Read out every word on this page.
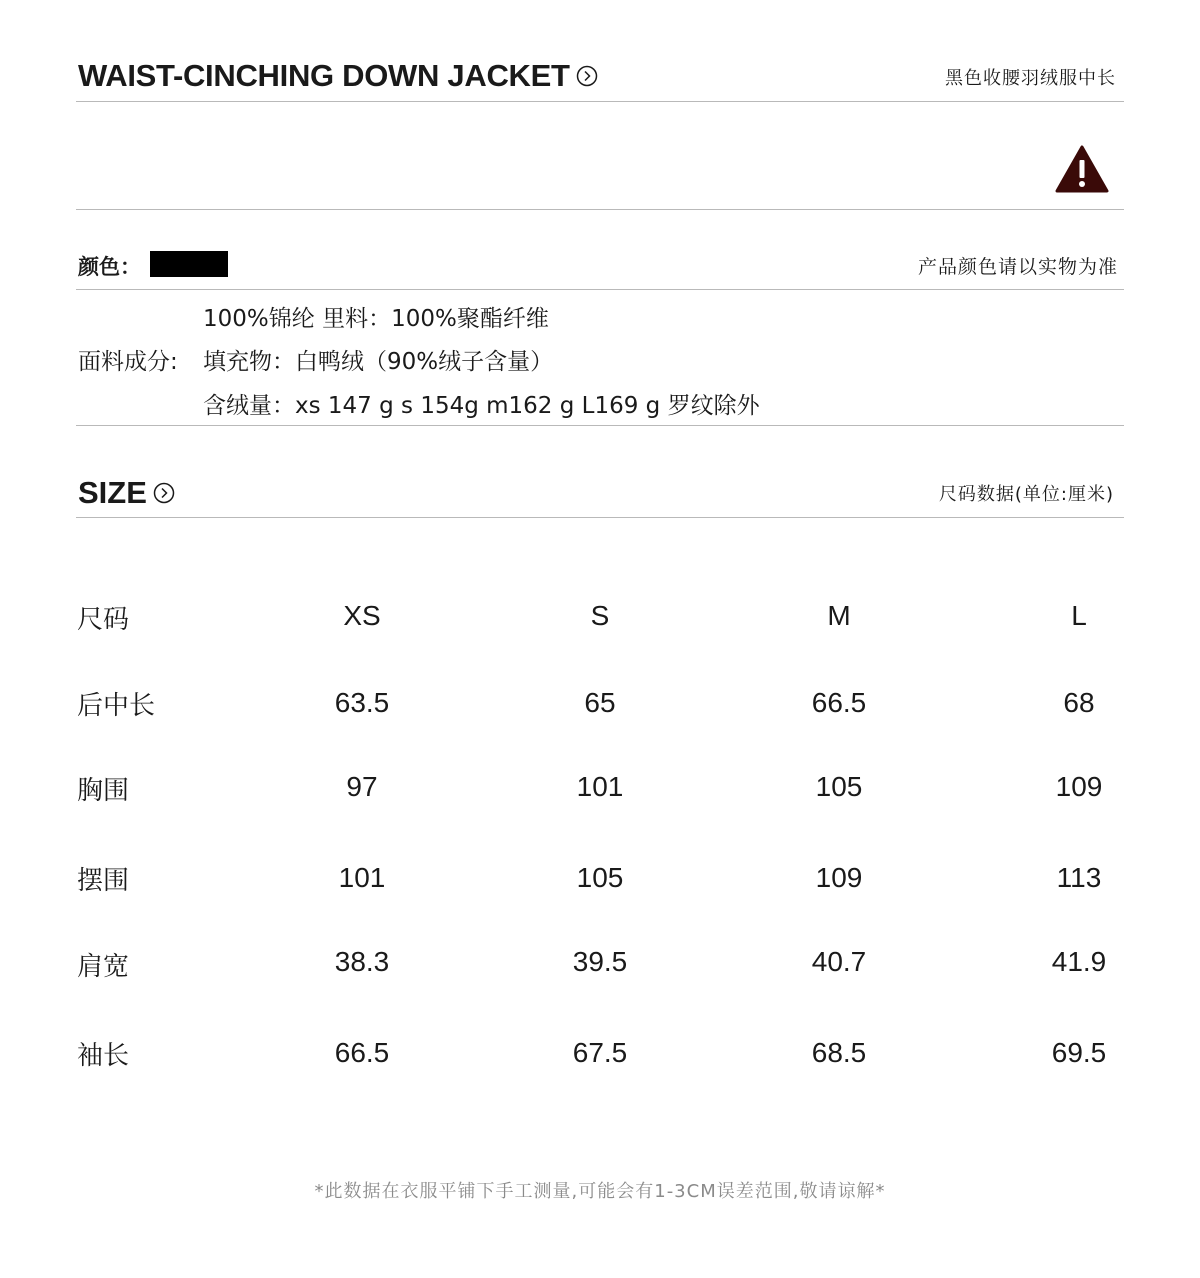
WAIST-CINCHING DOWN JACKET	黑色收腰羽绒服中长
颜色：	产品颜色请以实物为准
100%锦纶 里料：100%聚酯纤维
面料成分: 填充物：白鸭绒（90%绒子含量）
含绒量：xs 147 g s 154g m162 g L169 g 罗纹除外
SIZE	尺码数据(单位:厘米)
尺码	XS	S	M	L
后中长	63.5	65	66.5	68
胸围	97	101	105	109
摆围	101	105	109	113
肩宽	38.3	39.5	40.7	41.9
袖长	66.5	67.5	68.5	69.5
*此数据在衣服平铺下手工测量,可能会有1-3CM误差范围,敬请谅解*
